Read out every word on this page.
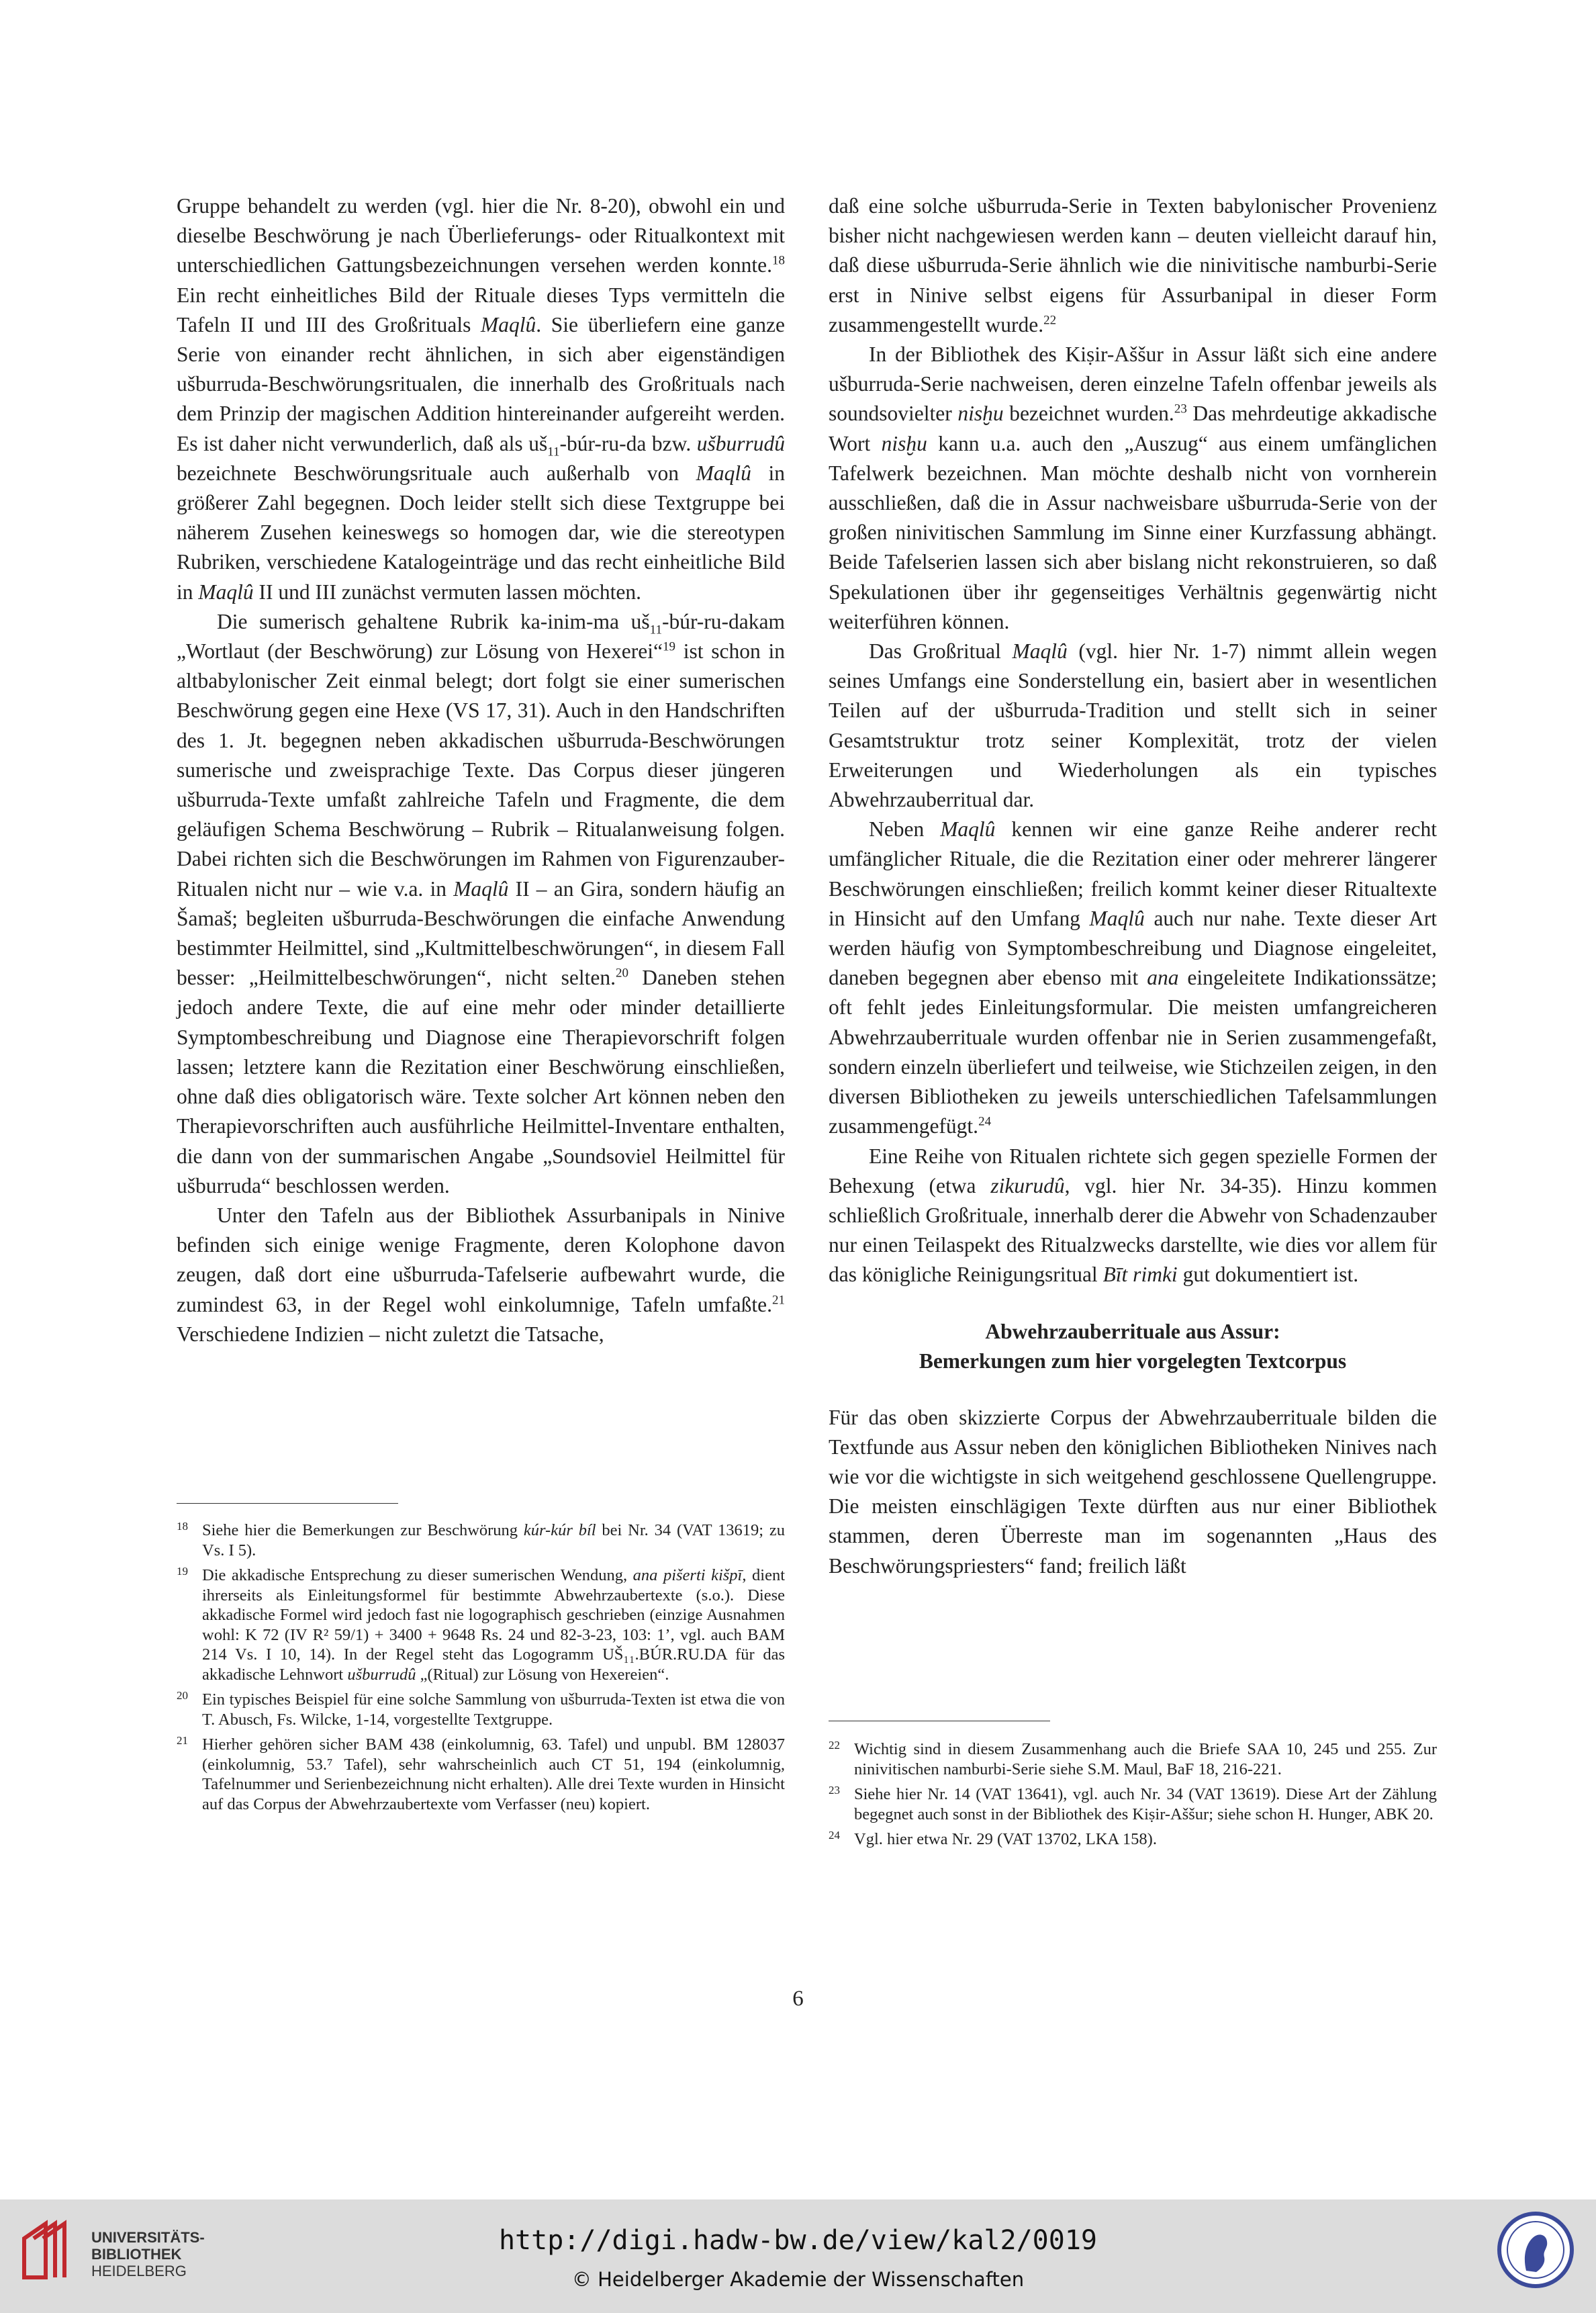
Gruppe behandelt zu werden (vgl. hier die Nr. 8-20), obwohl ein und dieselbe Beschwörung je nach Überlieferungs- oder Ritualkontext mit unterschiedlichen Gattungsbezeichnungen versehen werden konnte.$^{18}$ Ein recht einheitliches Bild der Rituale dieses Typs vermitteln die Tafeln II und III des Großrituals Maqlû. Sie überliefern eine ganze Serie von einander recht ähnlichen, in sich aber eigenständigen ušburruda-Beschwörungsritualen, die innerhalb des Großrituals nach dem Prinzip der magischen Addition hintereinander aufgereiht werden. Es ist daher nicht verwunderlich, daß als $uš_{11}-búr-ru-da$ bzw. ušburrudû bezeichnete Beschwörungsrituale auch außerhalb von Maqlû in größerer Zahl begegnen. Doch leider stellt sich diese Textgruppe bei näherem Zusehen keineswegs so homogen dar, wie die stereotypen Rubriken, verschiedene Katalogeinträge und das recht einheitliche Bild in Maqlû II und III zunächst vermuten lassen möchten.

Die sumerisch gehaltene Rubrik ka-inim-ma $uš_{11}-búr-ru$-dakam „Wortlaut (der Beschwörung) zur Lösung von Hexerei“$^{19}$ ist schon in altbabylonischer Zeit einmal belegt; dort folgt sie einer sumerischen Beschwörung gegen eine Hexe (VS 17, 31). Auch in den Handschriften des 1. Jt. begegnen neben akkadischen ušburruda-Beschwörungen sumerische und zweisprachige Texte. Das Corpus dieser jüngeren ušburruda-Texte umfaßt zahlreiche Tafeln und Fragmente, die dem geläufigen Schema Beschwörung – Rubrik – Ritualanweisung folgen. Dabei richten sich die Beschwörungen im Rahmen von Figurenzauber-Ritualen nicht nur – wie v.a. in Maqlû II – an Gira, sondern häufig an Šamaš; begleiten ušburruda-Beschwörungen die einfache Anwendung bestimmter Heilmittel, sind „Kultmittelbeschwörungen“, in diesem Fall besser: „Heilmittelbeschwörungen“, nicht selten.$^{20}$ Daneben stehen jedoch andere Texte, die auf eine mehr oder minder detaillierte Symptombeschreibung und Diagnose eine Therapievorschrift folgen lassen; letztere kann die Rezitation einer Beschwörung einschließen, ohne daß dies obligatorisch wäre. Texte solcher Art können neben den Therapievorschriften auch ausführliche Heilmittel-Inventare enthalten, die dann von der summarischen Angabe „Soundsoviel Heilmittel für ušburruda“ beschlossen werden.

Unter den Tafeln aus der Bibliothek Assurbanipals in Ninive befinden sich einige wenige Fragmente, deren Kolophone davon zeugen, daß dort eine ušburruda-Tafelserie aufbewahrt wurde, die zumindest 63, in der Regel wohl einkolumnige, Tafeln umfaßte.$^{21}$ Verschiedene Indizien – nicht zuletzt die Tatsache,

daß eine solche ušburruda-Serie in Texten babylonischer Provenienz bisher nicht nachgewiesen werden kann – deuten vielleicht darauf hin, daß diese ušburruda-Serie ähnlich wie die ninivitische namburbi-Serie erst in Ninive selbst eigens für Assurbanipal in dieser Form zusammengestellt wurde.$^{22}$

In der Bibliothek des Kiṣir-Aššur in Assur läßt sich eine andere ušburruda-Serie nachweisen, deren einzelne Tafeln offenbar jeweils als soundsovielter nisḫu bezeichnet wurden.$^{23}$ Das mehrdeutige akkadische Wort nisḫu kann u.a. auch den „Auszug“ aus einem umfänglichen Tafelwerk bezeichnen. Man möchte deshalb nicht von vornherein ausschließen, daß die in Assur nachweisbare ušburruda-Serie von der großen ninivitischen Sammlung im Sinne einer Kurzfassung abhängt. Beide Tafelserien lassen sich aber bislang nicht rekonstruieren, so daß Spekulationen über ihr gegenseitiges Verhältnis gegenwärtig nicht weiterführen können.

Das Großritual Maqlû (vgl. hier Nr. 1-7) nimmt allein wegen seines Umfangs eine Sonderstellung ein, basiert aber in wesentlichen Teilen auf der ušburruda-Tradition und stellt sich in seiner Gesamtstruktur trotz seiner Komplexität, trotz der vielen Erweiterungen und Wiederholungen als ein typisches Abwehrzauberritual dar.

Neben Maqlû kennen wir eine ganze Reihe anderer recht umfänglicher Rituale, die die Rezitation einer oder mehrerer längerer Beschwörungen einschließen; freilich kommt keiner dieser Ritualtexte in Hinsicht auf den Umfang Maqlû auch nur nahe. Texte dieser Art werden häufig von Symptombeschreibung und Diagnose eingeleitet, daneben begegnen aber ebenso mit ana eingeleitete Indikationssätze; oft fehlt jedes Einleitungsformular. Die meisten umfangreicheren Abwehrzauberrituale wurden offenbar nie in Serien zusammengefaßt, sondern einzeln überliefert und teilweise, wie Stichzeilen zeigen, in den diversen Bibliotheken zu jeweils unterschiedlichen Tafelsammlungen zusammengefügt.$^{24}$

Eine Reihe von Ritualen richtete sich gegen spezielle Formen der Behexung (etwa zikurudû, vgl. hier Nr. 34-35). Hinzu kommen schließlich Großrituale, innerhalb derer die Abwehr von Schadenzauber nur einen Teilaspekt des Ritualzwecks darstellte, wie dies vor allem für das königliche Reinigungsritual Bīt rimki gut dokumentiert ist.

Abwehrzauberrituale aus Assur:
Bemerkungen zum hier vorgelegten Textcorpus

Für das oben skizzierte Corpus der Abwehrzauberrituale bilden die Textfunde aus Assur neben den königlichen Bibliotheken Ninives nach wie vor die wichtigste in sich weitgehend geschlossene Quellengruppe. Die meisten einschlägigen Texte dürften aus nur einer Bibliothek stammen, deren Überreste man im sogenannten „Haus des Beschwörungspriesters“ fand; freilich läßt

18 Siehe hier die Bemerkungen zur Beschwörung kúr-kúr bíl bei Nr. 34 (VAT 13619; zu Vs. I 5).
19 Die akkadische Entsprechung zu dieser sumerischen Wendung, ana pišerti kišpī, dient ihrerseits als Einleitungsformel für bestimmte Abwehrzaubertexte (s.o.). Diese akkadische Formel wird jedoch fast nie logographisch geschrieben (einzige Ausnahmen wohl: K 72 (IV R² 59/1) + 3400 + 9648 Rs. 24 und 82-3-23, 103: 1’, vgl. auch BAM 214 Vs. I 10, 14). In der Regel steht das Logogramm UŠ₁₁.BÚR.RU.DA für das akkadische Lehnwort ušburrudû „(Ritual) zur Lösung von Hexereien“.
20 Ein typisches Beispiel für eine solche Sammlung von ušburruda-Texten ist etwa die von T. Abusch, Fs. Wilcke, 1-14, vorgestellte Textgruppe.
21 Hierher gehören sicher BAM 438 (einkolumnig, 63. Tafel) und unpubl. BM 128037 (einkolumnig, 53.⁷ Tafel), sehr wahrscheinlich auch CT 51, 194 (einkolumnig, Tafelnummer und Serienbezeichnung nicht erhalten). Alle drei Texte wurden in Hinsicht auf das Corpus der Abwehrzaubertexte vom Verfasser (neu) kopiert.
22 Wichtig sind in diesem Zusammenhang auch die Briefe SAA 10, 245 und 255. Zur ninivitischen namburbi-Serie siehe S.M. Maul, BaF 18, 216-221.
23 Siehe hier Nr. 14 (VAT 13641), vgl. auch Nr. 34 (VAT 13619). Diese Art der Zählung begegnet auch sonst in der Bibliothek des Kiṣir-Aššur; siehe schon H. Hunger, ABK 20.
24 Vgl. hier etwa Nr. 29 (VAT 13702, LKA 158).
6
UNIVERSITÄTS-
BIBLIOTHEK
HEIDELBERG
http://digi.hadw-bw.de/view/kal2/0019
© Heidelberger Akademie der Wissenschaften
